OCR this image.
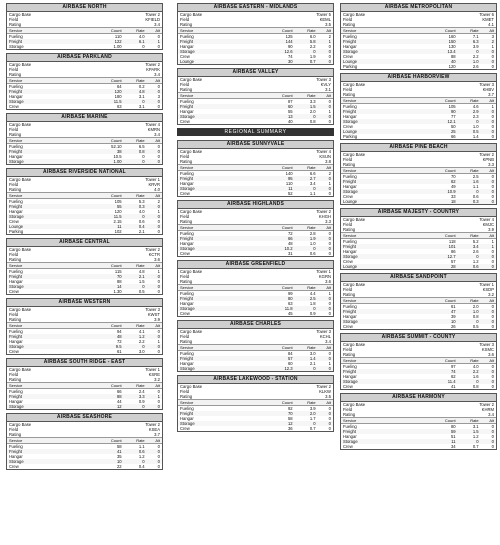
AIRBASE NORTH
Cargo Base	Tower 2
Field	KFIELD
Rating	3.4
Service	Count	Rate	Alt
Fueling	110	4.0	0
Freight	122	6.1	1
Storage	1.00	0	0
AIRBASE PARKLAND
Cargo Base	Tower 2
Field	KPARK
Rating	3.4
Service	Count	Rate	Alt
Fueling	64	0.2	0
Freight	120	4.8	0
Hangar	180	3.1	3
Storage	11.5	0	0
Crew	63	3.1	0
AIRBASE MARINE
Cargo Base	Tower 4
Field	KMRN
Rating	3.4
Service	Count	Rate	Alt
Fueling	52.10	6.5	0
Freight	38	0.8	0
Hangar	10.5	0	0
Storage	1.00	0	0
AIRBASE RIVERSIDE NATIONAL
Cargo Base	Tower 1
Field	KRVR
Rating	4.0
Service	Count	Rate	Alt
Fueling	105	5.3	2
Freight	55	0.3	0
Hangar	120	4.0	1
Storage	11.5	0	0
Crew	2.15	0.6	0
Lounge	11	0.4	0
Parking	102	2.1	0
AIRBASE CENTRAL
Cargo Base	Tower 2
Field	KCTR
Rating	3.6
Service	Count	Rate	Alt
Fueling	115	4.8	1
Freight	70	2.1	0
Hangar	88	1.5	0
Storage	14	0	0
Crew	1.30	0.5	0
AIRBASE WESTERN
Cargo Base	Tower 3
Field	KWST
Rating	3.9
Service	Count	Rate	Alt
Fueling	94	4.1	0
Freight	48	1.2	0
Hangar	72	2.2	1
Storage	9.5	0	0
Crew	61	3.0	0
AIRBASE SOUTH RIDGE - EAST
Cargo Base	Tower 1
Field	KSRE
Rating	3.2
Service	Count	Rate	Alt
Fueling	66	2.4	0
Freight	88	3.3	1
Hangar	44	0.9	0
Storage	12	0	0
AIRBASE SEASHORE
Cargo Base	Tower 2
Field	KSEA
Rating	3.7
Service	Count	Rate	Alt
Fueling	58	1.1	0
Freight	41	0.6	0
Hangar	35	1.2	0
Storage	10	0	0
Crew	22	0.4	0
AIRBASE EASTERN - MIDLANDS
Cargo Base	Tower 5
Field	KEML
Rating	3.5
Service	Count	Rate	Alt
Fueling	125	6.0	2
Freight	144	5.8	1
Hangar	90	2.2	0
Storage	12.6	0	0
Crew	74	1.9	0
Lounge	30	0.7	0
AIRBASE VALLEY
Cargo Base	Tower 3
Field	KVLY
Rating	3.1
Service	Count	Rate	Alt
Fueling	87	3.3	0
Freight	60	1.5	0
Hangar	55	2.0	1
Storage	13	0	0
Crew	40	0.8	0
REGIONAL SUMMARY
AIRBASE SUNNYVALE
Cargo Base	Tower 4
Field	KSUN
Rating	3.8
Service	Count	Rate	Alt
Fueling	140	6.6	2
Freight	95	2.7	0
Hangar	110	3.4	1
Storage	11	0	0
Crew	52	1.1	0
AIRBASE HIGHLANDS
Cargo Base	Tower 2
Field	KHGH
Rating	3.3
Service	Count	Rate	Alt
Fueling	72	2.8	0
Freight	66	1.9	0
Hangar	48	1.0	0
Storage	10.2	0	0
Crew	31	0.6	0
AIRBASE GREENFIELD
Cargo Base	Tower 1
Field	KGRN
Rating	3.6
Service	Count	Rate	Alt
Fueling	99	4.4	1
Freight	80	2.5	0
Hangar	63	1.8	0
Storage	11.8	0	0
Crew	45	0.9	0
AIRBASE CHARLES
Cargo Base	Tower 3
Field	KCHL
Rating	3.4
Service	Count	Rate	Alt
Fueling	84	3.0	0
Freight	57	1.4	0
Hangar	60	2.1	1
Storage	12.3	0	0
AIRBASE LAKEWOOD - STATION
Cargo Base	Tower 2
Field	KLKW
Rating	3.5
Service	Count	Rate	Alt
Fueling	92	3.9	0
Freight	70	2.0	0
Hangar	58	1.7	0
Storage	12	0	0
Crew	36	0.7	0
AIRBASE METROPOLITAN
Cargo Base	Tower 6
Field	KMET
Rating	4.1
Service	Count	Rate	Alt
Fueling	160	7.1	3
Freight	150	6.3	2
Hangar	130	3.9	1
Storage	13.4	0	0
Crew	88	2.2	0
Lounge	40	1.0	0
Parking	120	2.6	0
AIRBASE HARBORVIEW
Cargo Base	Tower 3
Field	KHBV
Rating	3.7
Service	Count	Rate	Alt
Fueling	105	4.6	1
Freight	90	2.9	0
Hangar	77	2.3	0
Storage	12.1	0	0
Crew	50	1.0	0
Lounge	25	0.5	0
Parking	66	1.4	0
AIRBASE PINE BEACH
Cargo Base	Tower 2
Field	KPNB
Rating	3.3
Service	Count	Rate	Alt
Fueling	70	2.5	0
Freight	62	1.6	0
Hangar	49	1.1	0
Storage	10.9	0	0
Crew	33	0.6	0
Lounge	18	0.3	0
AIRBASE MAJESTY - COUNTRY
Cargo Base	Tower 4
Field	KMJC
Rating	3.9
Service	Count	Rate	Alt
Fueling	118	5.2	1
Freight	101	3.4	1
Hangar	86	2.6	0
Storage	12.7	0	0
Crew	57	1.2	0
Lounge	28	0.6	0
AIRBASE SANDPOINT
Cargo Base	Tower 1
Field	KSDP
Rating	3.2
Service	Count	Rate	Alt
Fueling	61	2.0	0
Freight	47	1.0	0
Hangar	39	0.8	0
Storage	10	0	0
Crew	26	0.5	0
AIRBASE SUMMIT - COUNTY
Cargo Base	Tower 3
Field	KSMC
Rating	3.6
Service	Count	Rate	Alt
Fueling	97	4.0	0
Freight	74	2.2	0
Hangar	62	1.6	0
Storage	11.4	0	0
Crew	41	0.8	0
AIRBASE HARMONY
Cargo Base	Tower 2
Field	KHRM
Rating	3.4
Service	Count	Rate	Alt
Fueling	80	3.1	0
Freight	59	1.5	0
Hangar	51	1.2	0
Storage	11	0	0
Crew	34	0.7	0
